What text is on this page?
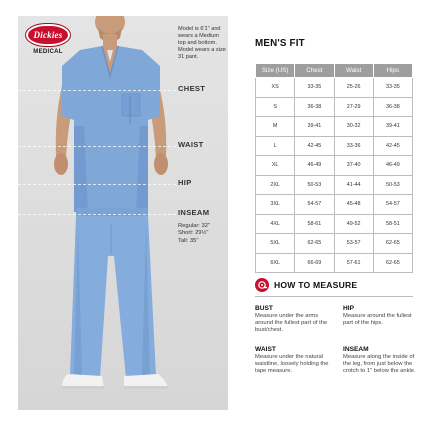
Dickies
MEDICAL
Model is 6'1" and wears a Medium top and bottom. Model wears a size 31 pant.
CHEST
WAIST
HIP
INSEAM
Regular: 32"
Short: 29½"
Tall: 35"
MEN'S FIT
Size (US)	Chest	Waist	Hips
XS	33-35	25-26	33-35
S	36-38	27-29	36-38
M	39-41	30-32	39-41
L	42-45	33-36	42-45
XL	46-49	37-40	46-49
2XL	50-53	41-44	50-53
3XL	54-57	45-48	54-57
4XL	58-61	49-52	58-51
5XL	62-65	53-57	62-65
6XL	66-69	57-61	62-65
HOW TO MEASURE
BUST
Measure under the arms around the fullest part of the bust/chest.
HIP
Measure around the fullest part of the hips.
WAIST
Measure under the natural waistline, loosely holding the tape measure.
INSEAM
Measure along the inside of the leg, from just below the crotch to 1" below the ankle.
